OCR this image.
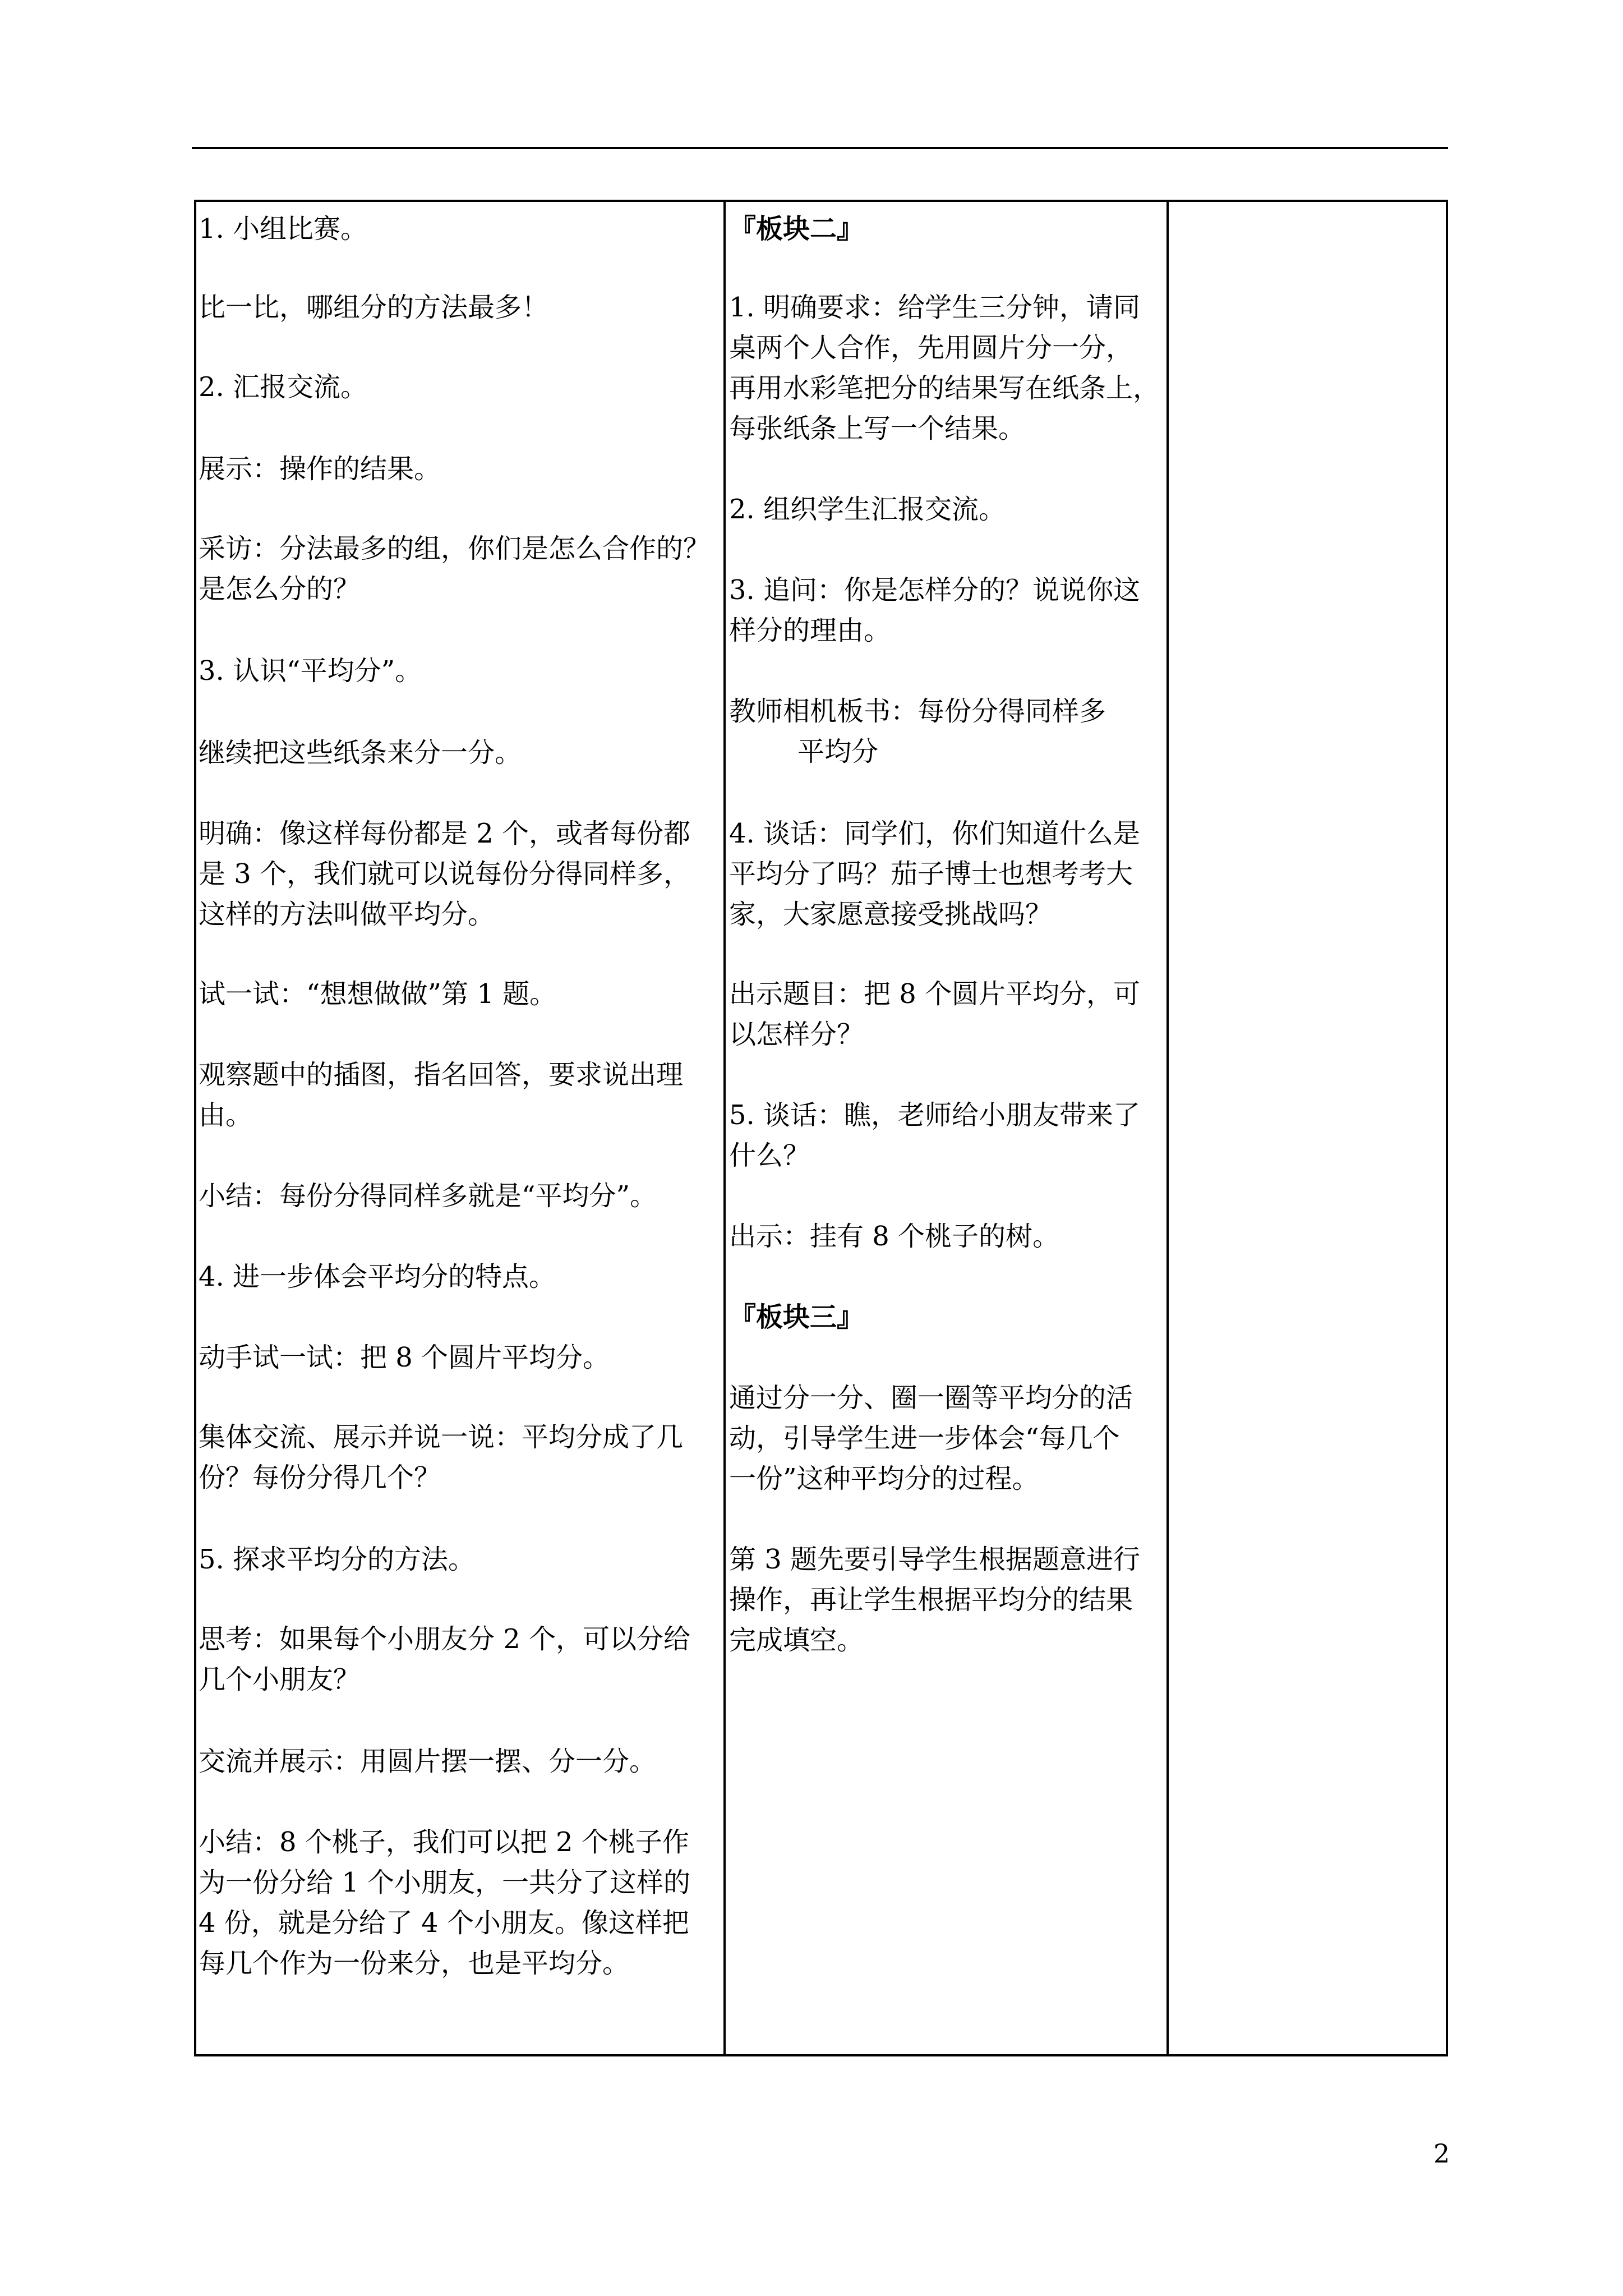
1. 小组比赛。

比一比，哪组分的方法最多！

2. 汇报交流。

展示：操作的结果。

采访：分法最多的组，你们是怎么合作的？
是怎么分的？

3. 认识“平均分”。

继续把这些纸条来分一分。

明确：像这样每份都是 2 个，或者每份都
是 3 个，我们就可以说每份分得同样多，
这样的方法叫做平均分。

试一试：“想想做做”第 1 题。

观察题中的插图，指名回答，要求说出理
由。

小结：每份分得同样多就是“平均分”。

4. 进一步体会平均分的特点。

动手试一试：把 8 个圆片平均分。

集体交流、展示并说一说：平均分成了几
份？每份分得几个？

5. 探求平均分的方法。

思考：如果每个小朋友分 2 个，可以分给
几个小朋友？

交流并展示：用圆片摆一摆、分一分。

小结：8 个桃子，我们可以把 2 个桃子作
为一份分给 1 个小朋友，一共分了这样的
4 份，就是分给了 4 个小朋友。像这样把
每几个作为一份来分，也是平均分。

『板块二』

1. 明确要求：给学生三分钟，请同
桌两个人合作，先用圆片分一分，
再用水彩笔把分的结果写在纸条上，
每张纸条上写一个结果。

2. 组织学生汇报交流。

3. 追问：你是怎样分的？说说你这
样分的理由。

教师相机板书：每份分得同样多
平均分

4. 谈话：同学们，你们知道什么是
平均分了吗？茄子博士也想考考大
家，大家愿意接受挑战吗？

出示题目：把 8 个圆片平均分，可
以怎样分？

5. 谈话：瞧，老师给小朋友带来了
什么？

出示：挂有 8 个桃子的树。

『板块三』

通过分一分、圈一圈等平均分的活
动，引导学生进一步体会“每几个
一份”这种平均分的过程。

第 3 题先要引导学生根据题意进行
操作，再让学生根据平均分的结果
完成填空。

2
